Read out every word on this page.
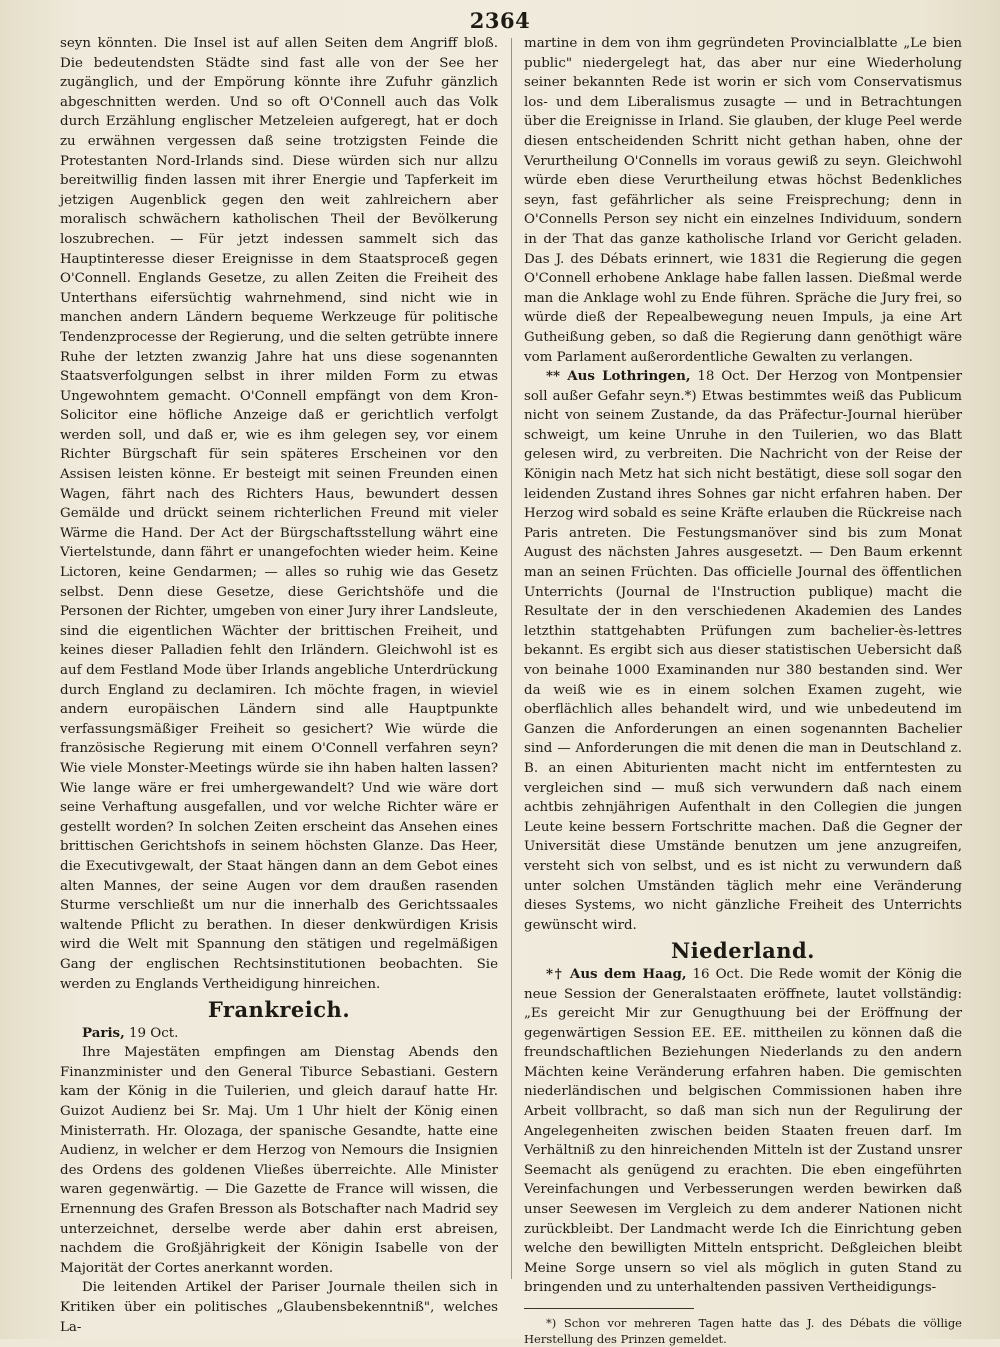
2364

seyn könnten. Die Insel ist auf allen Seiten dem Angriff bloß. Die bedeutendsten Städte sind fast alle von der See her zugänglich, und der Empörung könnte ihre Zufuhr gänzlich abgeschnitten werden. Und so oft O'Connell auch das Volk durch Erzählung englischer Metzeleien aufgeregt, hat er doch zu erwähnen vergessen daß seine trotzigsten Feinde die Protestanten Nord-Irlands sind. Diese würden sich nur allzu bereitwillig finden lassen mit ihrer Energie und Tapferkeit im jetzigen Augenblick gegen den weit zahlreichern aber moralisch schwächern katholischen Theil der Bevölkerung loszubrechen. — Für jetzt indessen sammelt sich das Hauptinteresse dieser Ereignisse in dem Staatsproceß gegen O'Connell. Englands Gesetze, zu allen Zeiten die Freiheit des Unterthans eifersüchtig wahrnehmend, sind nicht wie in manchen andern Ländern bequeme Werkzeuge für politische Tendenzprocesse der Regierung, und die selten getrübte innere Ruhe der letzten zwanzig Jahre hat uns diese sogenannten Staatsverfolgungen selbst in ihrer milden Form zu etwas Ungewohntem gemacht. O'Connell empfängt von dem Kron-Solicitor eine höfliche Anzeige daß er gerichtlich verfolgt werden soll, und daß er, wie es ihm gelegen sey, vor einem Richter Bürgschaft für sein späteres Erscheinen vor den Assisen leisten könne. Er besteigt mit seinen Freunden einen Wagen, fährt nach des Richters Haus, bewundert dessen Gemälde und drückt seinem richterlichen Freund mit vieler Wärme die Hand. Der Act der Bürgschaftsstellung währt eine Viertelstunde, dann fährt er unangefochten wieder heim. Keine Lictoren, keine Gendarmen; — alles so ruhig wie das Gesetz selbst. Denn diese Gesetze, diese Gerichtshöfe und die Personen der Richter, umgeben von einer Jury ihrer Landsleute, sind die eigentlichen Wächter der brittischen Freiheit, und keines dieser Palladien fehlt den Irländern. Gleichwohl ist es auf dem Festland Mode über Irlands angebliche Unterdrückung durch England zu declamiren. Ich möchte fragen, in wieviel andern europäischen Ländern sind alle Hauptpunkte verfassungsmäßiger Freiheit so gesichert? Wie würde die französische Regierung mit einem O'Connell verfahren seyn? Wie viele Monster-Meetings würde sie ihn haben halten lassen? Wie lange wäre er frei umhergewandelt? Und wie wäre dort seine Verhaftung ausgefallen, und vor welche Richter wäre er gestellt worden? In solchen Zeiten erscheint das Ansehen eines brittischen Gerichtshofs in seinem höchsten Glanze. Das Heer, die Executivgewalt, der Staat hängen dann an dem Gebot eines alten Mannes, der seine Augen vor dem draußen rasenden Sturme verschließt um nur die innerhalb des Gerichtssaales waltende Pflicht zu berathen. In dieser denkwürdigen Krisis wird die Welt mit Spannung den stätigen und regelmäßigen Gang der englischen Rechtsinstitutionen beobachten. Sie werden zu Englands Vertheidigung hinreichen.

Frankreich.

Paris, 19 Oct.

Ihre Majestäten empfingen am Dienstag Abends den Finanzminister und den General Tiburce Sebastiani. Gestern kam der König in die Tuilerien, und gleich darauf hatte Hr. Guizot Audienz bei Sr. Maj. Um 1 Uhr hielt der König einen Ministerrath. Hr. Olozaga, der spanische Gesandte, hatte eine Audienz, in welcher er dem Herzog von Nemours die Insignien des Ordens des goldenen Vließes überreichte. Alle Minister waren gegenwärtig. — Die Gazette de France will wissen, die Ernennung des Grafen Bresson als Botschafter nach Madrid sey unterzeichnet, derselbe werde aber dahin erst abreisen, nachdem die Großjährigkeit der Königin Isabelle von der Majorität der Cortes anerkannt worden.

Die leitenden Artikel der Pariser Journale theilen sich in Kritiken über ein politisches „Glaubensbekenntniß", welches La-

martine in dem von ihm gegründeten Provincialblatte „Le bien public" niedergelegt hat, das aber nur eine Wiederholung seiner bekannten Rede ist worin er sich vom Conservatismus los- und dem Liberalismus zusagte — und in Betrachtungen über die Ereignisse in Irland. Sie glauben, der kluge Peel werde diesen entscheidenden Schritt nicht gethan haben, ohne der Verurtheilung O'Connells im voraus gewiß zu seyn. Gleichwohl würde eben diese Verurtheilung etwas höchst Bedenkliches seyn, fast gefährlicher als seine Freisprechung; denn in O'Connells Person sey nicht ein einzelnes Individuum, sondern in der That das ganze katholische Irland vor Gericht geladen. Das J. des Débats erinnert, wie 1831 die Regierung die gegen O'Connell erhobene Anklage habe fallen lassen. Dießmal werde man die Anklage wohl zu Ende führen. Spräche die Jury frei, so würde dieß der Repealbewegung neuen Impuls, ja eine Art Gutheißung geben, so daß die Regierung dann genöthigt wäre vom Parlament außerordentliche Gewalten zu verlangen.

** Aus Lothringen, 18 Oct. Der Herzog von Montpensier soll außer Gefahr seyn.*) Etwas bestimmtes weiß das Publicum nicht von seinem Zustande, da das Präfectur-Journal hierüber schweigt, um keine Unruhe in den Tuilerien, wo das Blatt gelesen wird, zu verbreiten. Die Nachricht von der Reise der Königin nach Metz hat sich nicht bestätigt, diese soll sogar den leidenden Zustand ihres Sohnes gar nicht erfahren haben. Der Herzog wird sobald es seine Kräfte erlauben die Rückreise nach Paris antreten. Die Festungsmanöver sind bis zum Monat August des nächsten Jahres ausgesetzt. — Den Baum erkennt man an seinen Früchten. Das officielle Journal des öffentlichen Unterrichts (Journal de l'Instruction publique) macht die Resultate der in den verschiedenen Akademien des Landes letzthin stattgehabten Prüfungen zum bachelier-ès-lettres bekannt. Es ergibt sich aus dieser statistischen Uebersicht daß von beinahe 1000 Examinanden nur 380 bestanden sind. Wer da weiß wie es in einem solchen Examen zugeht, wie oberflächlich alles behandelt wird, und wie unbedeutend im Ganzen die Anforderungen an einen sogenannten Bachelier sind — Anforderungen die mit denen die man in Deutschland z. B. an einen Abiturienten macht nicht im entferntesten zu vergleichen sind — muß sich verwundern daß nach einem achtbis zehnjährigen Aufenthalt in den Collegien die jungen Leute keine bessern Fortschritte machen. Daß die Gegner der Universität diese Umstände benutzen um jene anzugreifen, versteht sich von selbst, und es ist nicht zu verwundern daß unter solchen Umständen täglich mehr eine Veränderung dieses Systems, wo nicht gänzliche Freiheit des Unterrichts gewünscht wird.

Niederland.

*† Aus dem Haag, 16 Oct. Die Rede womit der König die neue Session der Generalstaaten eröffnete, lautet vollständig: „Es gereicht Mir zur Genugthuung bei der Eröffnung der gegenwärtigen Session EE. EE. mittheilen zu können daß die freundschaftlichen Beziehungen Niederlands zu den andern Mächten keine Veränderung erfahren haben. Die gemischten niederländischen und belgischen Commissionen haben ihre Arbeit vollbracht, so daß man sich nun der Regulirung der Angelegenheiten zwischen beiden Staaten freuen darf. Im Verhältniß zu den hinreichenden Mitteln ist der Zustand unsrer Seemacht als genügend zu erachten. Die eben eingeführten Vereinfachungen und Verbesserungen werden bewirken daß unser Seewesen im Vergleich zu dem anderer Nationen nicht zurückbleibt. Der Landmacht werde Ich die Einrichtung geben welche den bewilligten Mitteln entspricht. Deßgleichen bleibt Meine Sorge unsern so viel als möglich in guten Stand zu bringenden und zu unterhaltenden passiven Vertheidigungs-

*) Schon vor mehreren Tagen hatte das J. des Débats die völlige Herstellung des Prinzen gemeldet.
